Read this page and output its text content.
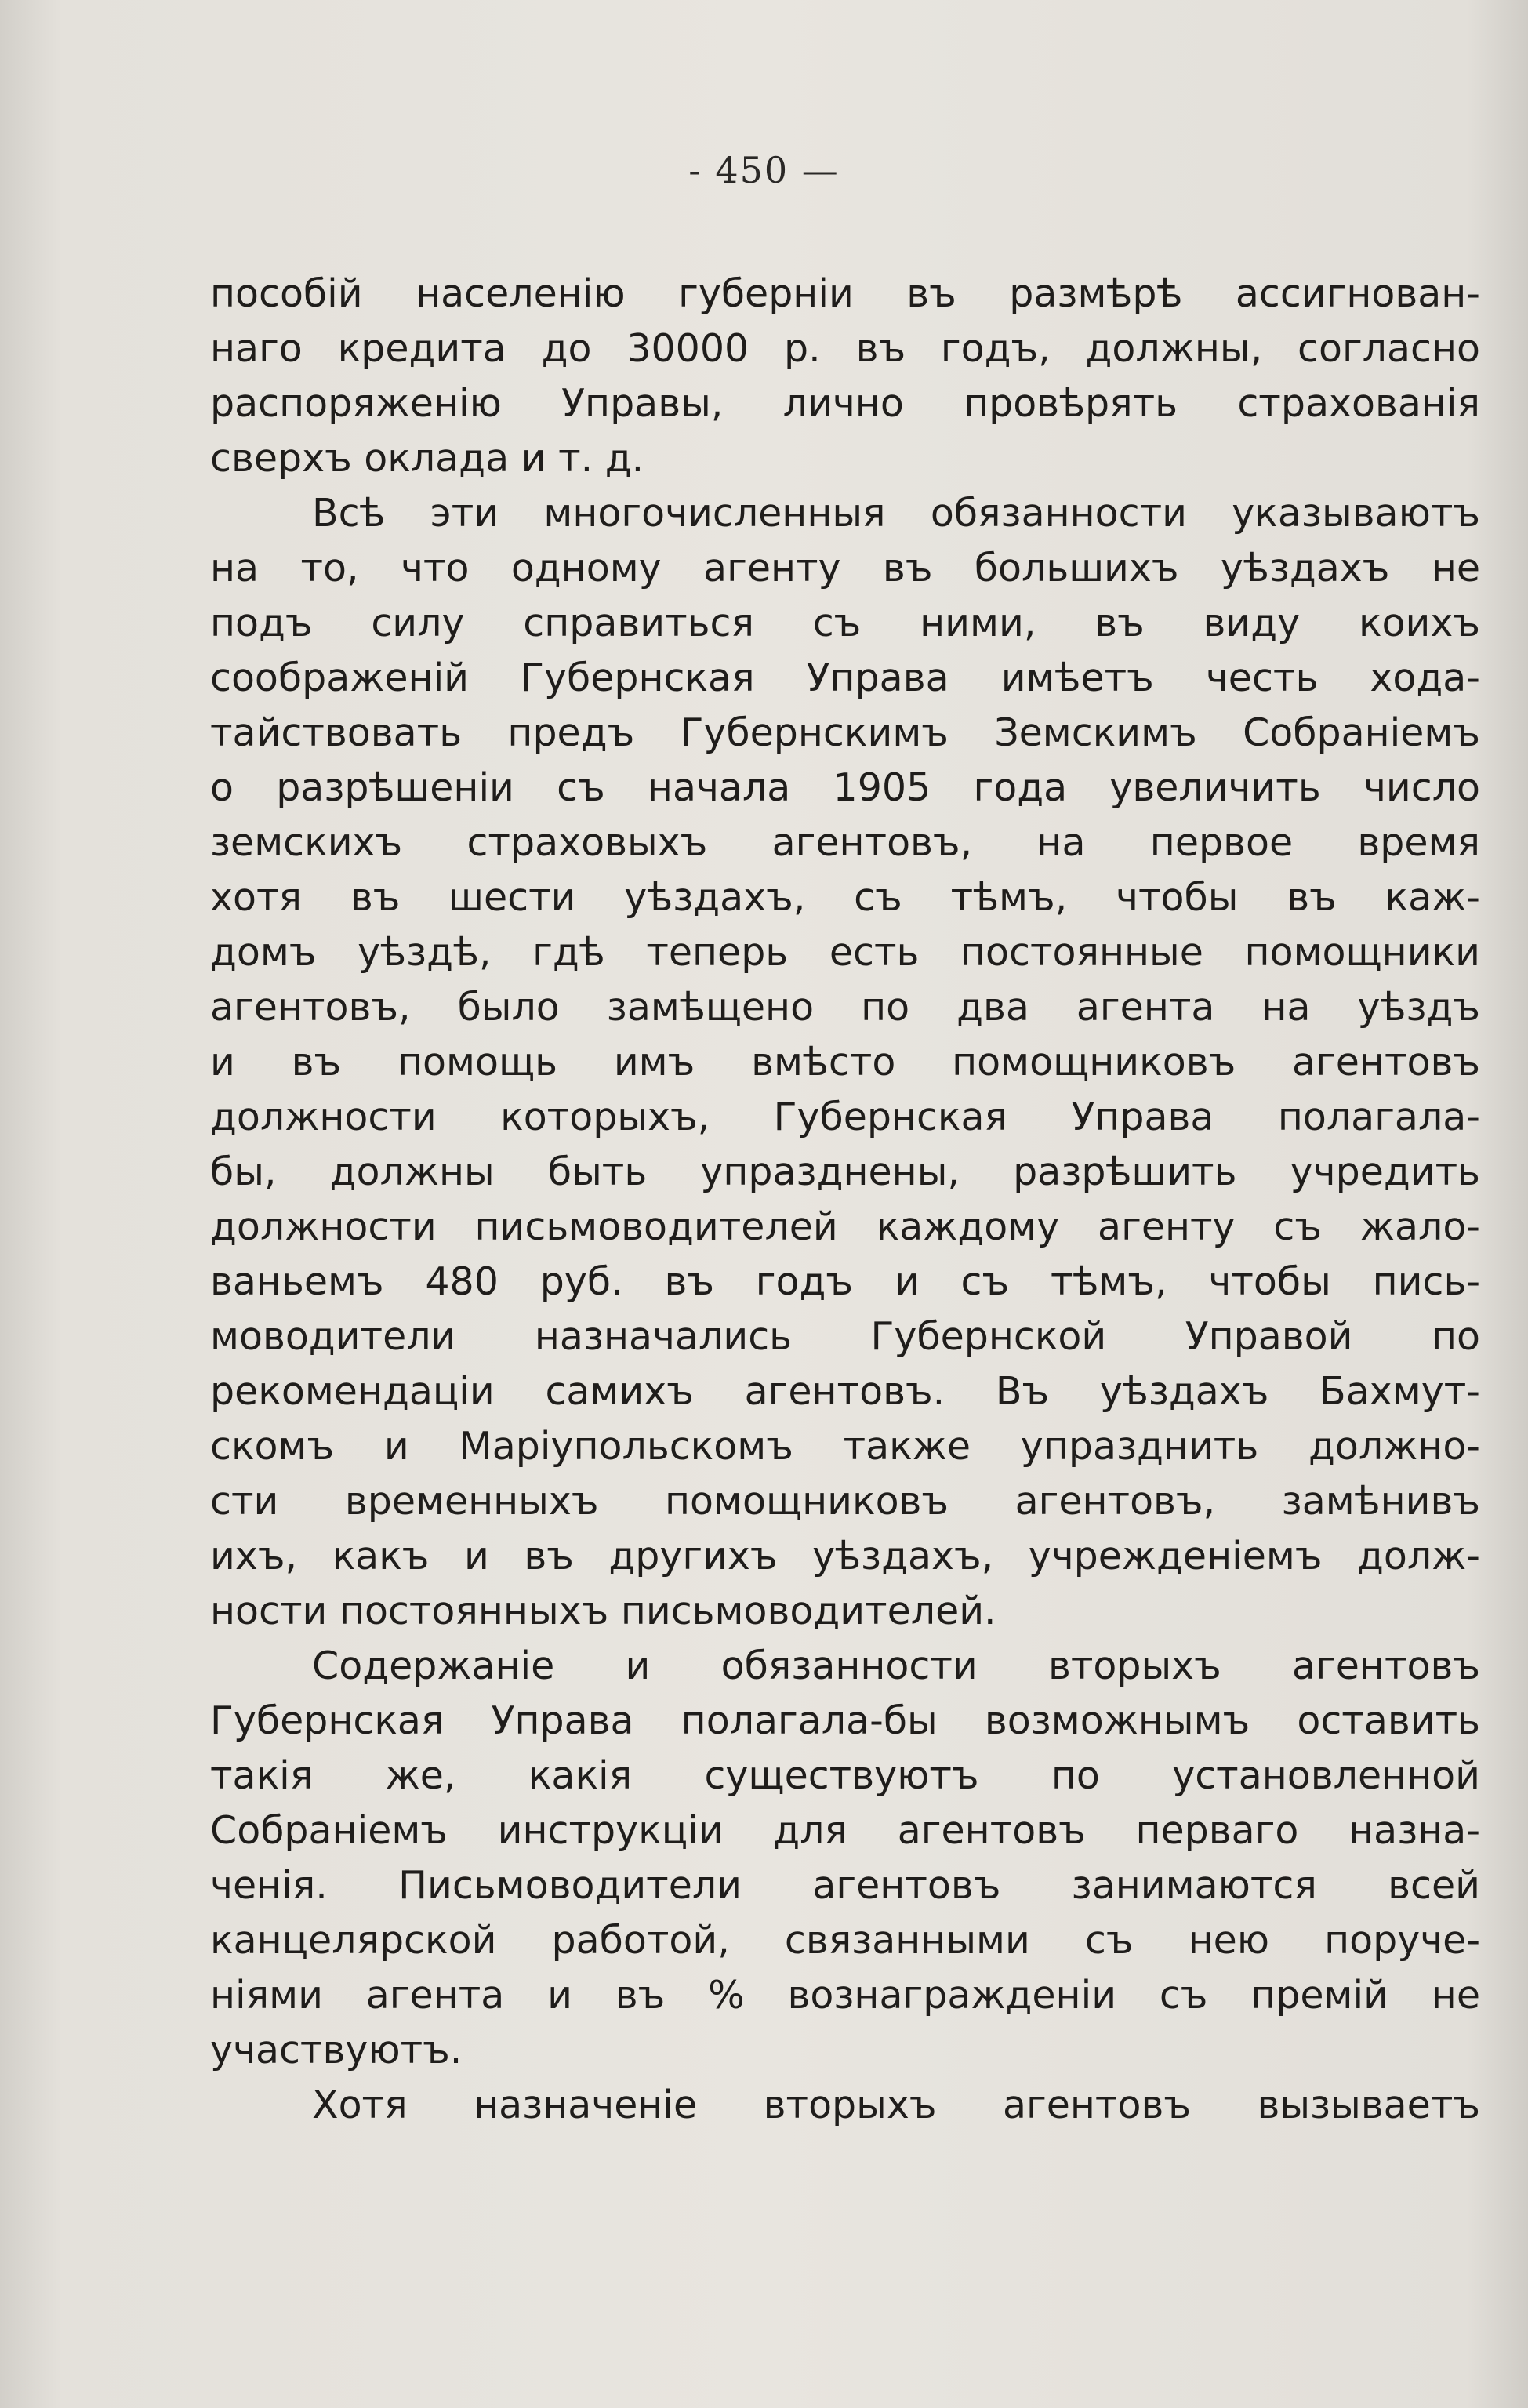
- 450 —
пособій населенію губерніи въ размѣрѣ ассигнован-
наго кредита до 30000 р. въ годъ, должны, согласно
распоряженію Управы, лично провѣрять страхованія
сверхъ оклада и т. д.
Всѣ эти многочисленныя обязанности указываютъ
на то, что одному агенту въ большихъ уѣздахъ не
подъ силу справиться съ ними, въ виду коихъ
соображеній Губернская Управа имѣетъ честь хода-
тайствовать предъ Губернскимъ Земскимъ Собраніемъ
о разрѣшеніи съ начала 1905 года увеличить число
земскихъ страховыхъ агентовъ, на первое время
хотя въ шести уѣздахъ, съ тѣмъ, чтобы въ каж-
домъ уѣздѣ, гдѣ теперь есть постоянные помощники
агентовъ, было замѣщено по два агента на уѣздъ
и въ помощь имъ вмѣсто помощниковъ агентовъ
должности которыхъ, Губернская Управа полагала-
бы, должны быть упразднены, разрѣшить учредить
должности письмоводителей каждому агенту съ жало-
ваньемъ 480 руб. въ годъ и съ тѣмъ, чтобы пись-
моводители назначались Губернской Управой по
рекомендаціи самихъ агентовъ. Въ уѣздахъ Бахмут-
скомъ и Маріупольскомъ также упразднить должно-
сти временныхъ помощниковъ агентовъ, замѣнивъ
ихъ, какъ и въ другихъ уѣздахъ, учрежденіемъ долж-
ности постоянныхъ письмоводителей.
Содержаніе и обязанности вторыхъ агентовъ
Губернская Управа полагала-бы возможнымъ оставить
такія же, какія существуютъ по установленной
Собраніемъ инструкціи для агентовъ перваго назна-
ченія. Письмоводители агентовъ занимаются всей
канцелярской работой, связанными съ нею поруче-
ніями агента и въ % вознагражденіи съ премій не
участвуютъ.
Хотя назначеніе вторыхъ агентовъ вызываетъ
